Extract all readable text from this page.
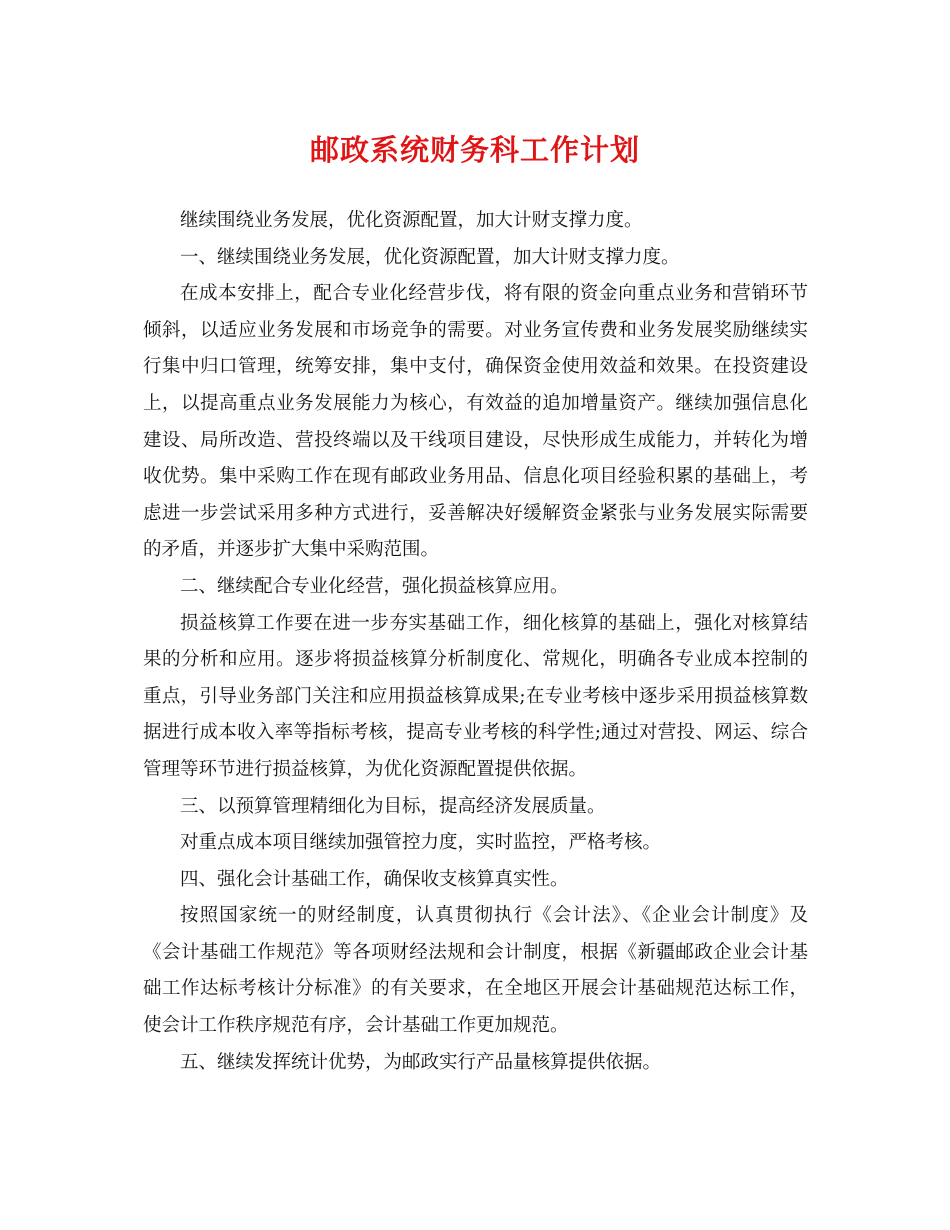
邮政系统财务科工作计划

继续围绕业务发展，优化资源配置，加大计财支撑力度。

一、继续围绕业务发展，优化资源配置，加大计财支撑力度。

在成本安排上，配合专业化经营步伐，将有限的资金向重点业务和营销环节倾斜，以适应业务发展和市场竞争的需要。对业务宣传费和业务发展奖励继续实行集中归口管理，统筹安排，集中支付，确保资金使用效益和效果。在投资建设上，以提高重点业务发展能力为核心，有效益的追加增量资产。继续加强信息化建设、局所改造、营投终端以及干线项目建设，尽快形成生成能力，并转化为增收优势。集中采购工作在现有邮政业务用品、信息化项目经验积累的基础上，考虑进一步尝试采用多种方式进行，妥善解决好缓解资金紧张与业务发展实际需要的矛盾，并逐步扩大集中采购范围。

二、继续配合专业化经营，强化损益核算应用。

损益核算工作要在进一步夯实基础工作，细化核算的基础上，强化对核算结果的分析和应用。逐步将损益核算分析制度化、常规化，明确各专业成本控制的重点，引导业务部门关注和应用损益核算成果;在专业考核中逐步采用损益核算数据进行成本收入率等指标考核，提高专业考核的科学性;通过对营投、网运、综合管理等环节进行损益核算，为优化资源配置提供依据。

三、以预算管理精细化为目标，提高经济发展质量。

对重点成本项目继续加强管控力度，实时监控，严格考核。

四、强化会计基础工作，确保收支核算真实性。

按照国家统一的财经制度，认真贯彻执行《会计法》、《企业会计制度》及《会计基础工作规范》等各项财经法规和会计制度，根据《新疆邮政企业会计基础工作达标考核计分标准》的有关要求，在全地区开展会计基础规范达标工作，使会计工作秩序规范有序，会计基础工作更加规范。

五、继续发挥统计优势，为邮政实行产品量核算提供依据。
